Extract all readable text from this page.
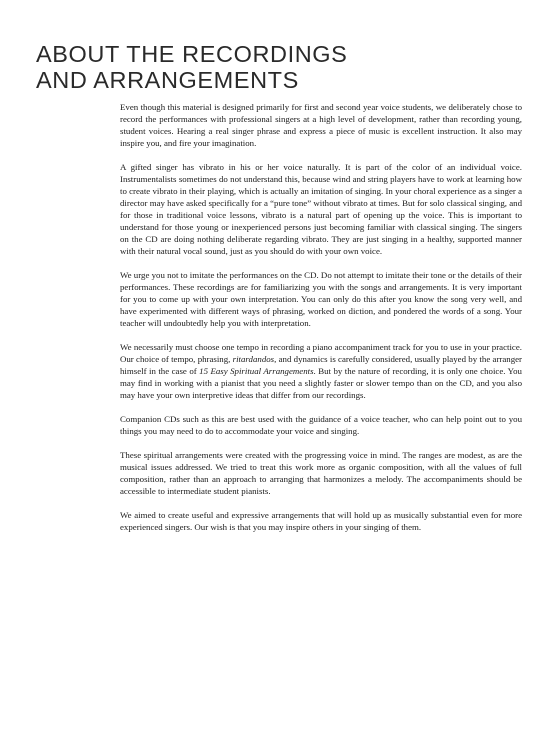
ABOUT THE RECORDINGS
AND ARRANGEMENTS

Even though this material is designed primarily for first and second year voice students, we deliberately chose to record the performances with professional singers at a high level of development, rather than recording young, student voices. Hearing a real singer phrase and express a piece of music is excellent instruction. It also may inspire you, and fire your imagination.

A gifted singer has vibrato in his or her voice naturally. It is part of the color of an individual voice. Instrumentalists sometimes do not understand this, because wind and string players have to work at learning how to create vibrato in their playing, which is actually an imitation of singing. In your choral experience as a singer a director may have asked specifically for a “pure tone” without vibrato at times. But for solo classical singing, and for those in traditional voice lessons, vibrato is a natural part of opening up the voice. This is important to understand for those young or inexperienced persons just becoming familiar with classical singing. The singers on the CD are doing nothing deliberate regarding vibrato. They are just singing in a healthy, supported manner with their natural vocal sound, just as you should do with your own voice.

We urge you not to imitate the performances on the CD. Do not attempt to imitate their tone or the details of their performances. These recordings are for familiarizing you with the songs and arrangements. It is very important for you to come up with your own interpretation. You can only do this after you know the song very well, and have experimented with different ways of phrasing, worked on diction, and pondered the words of a song. Your teacher will undoubtedly help you with interpretation.

We necessarily must choose one tempo in recording a piano accompaniment track for you to use in your practice. Our choice of tempo, phrasing, ritardandos, and dynamics is carefully considered, usually played by the arranger himself in the case of 15 Easy Spiritual Arrangements. But by the nature of recording, it is only one choice. You may find in working with a pianist that you need a slightly faster or slower tempo than on the CD, and you also may have your own interpretive ideas that differ from our recordings.

Companion CDs such as this are best used with the guidance of a voice teacher, who can help point out to you things you may need to do to accommodate your voice and singing.

These spiritual arrangements were created with the progressing voice in mind. The ranges are modest, as are the musical issues addressed. We tried to treat this work more as organic composition, with all the values of full composition, rather than an approach to arranging that harmonizes a melody. The accompaniments should be accessible to intermediate student pianists.

We aimed to create useful and expressive arrangements that will hold up as musically substantial even for more experienced singers. Our wish is that you may inspire others in your singing of them.
